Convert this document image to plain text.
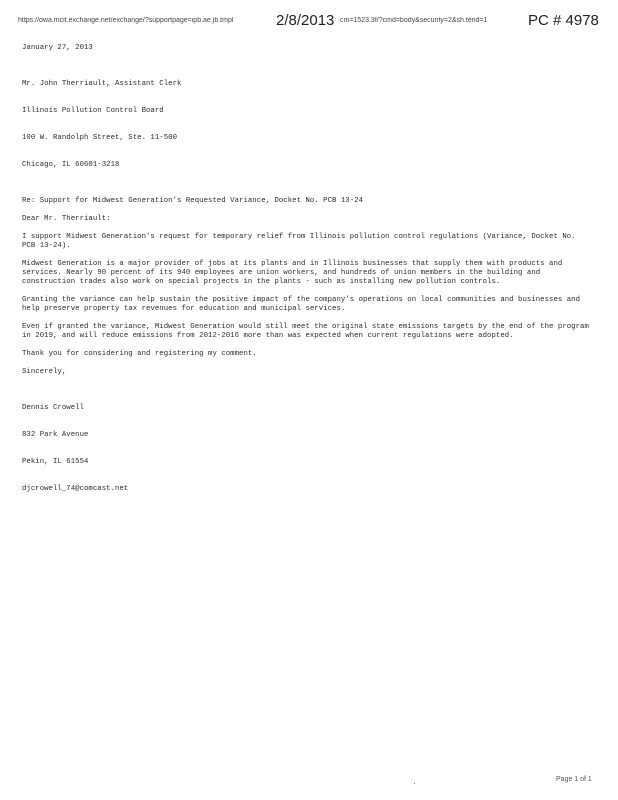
https://owa.mcit.exchange.net/exchange/?supportpage=ipb.ae.jb.tmpl	2/8/2013 cm=1523.3f/?cmd=body&security=2&sh.terid=1	PC # 4978

January 27, 2013

Mr. John Therriault, Assistant Clerk

Illinois Pollution Control Board

100 W. Randolph Street, Ste. 11-500

Chicago, IL 60601-3218

Re: Support for Midwest Generation's Requested Variance, Docket No. PCB 13-24

Dear Mr. Therriault:

I support Midwest Generation's request for temporary relief from Illinois pollution control regulations (Variance, Docket No. PCB 13-24).

Midwest Generation is a major provider of jobs at its plants and in Illinois businesses that supply them with products and services. Nearly 90 percent of its 940 employees are union workers, and hundreds of union members in the building and construction trades also work on special projects in the plants - such as installing new pollution controls.

Granting the variance can help sustain the positive impact of the company's operations on local communities and businesses and help preserve property tax revenues for education and municipal services.

Even if granted the variance, Midwest Generation would still meet the original state emissions targets by the end of the program in 2019, and will reduce emissions from 2012-2016 more than was expected when current regulations were adopted.

Thank you for considering and registering my comment.

Sincerely,

Dennis Crowell

832 Park Avenue

Pekin, IL 61554

djcrowell_74@comcast.net

Page 1 of 1
